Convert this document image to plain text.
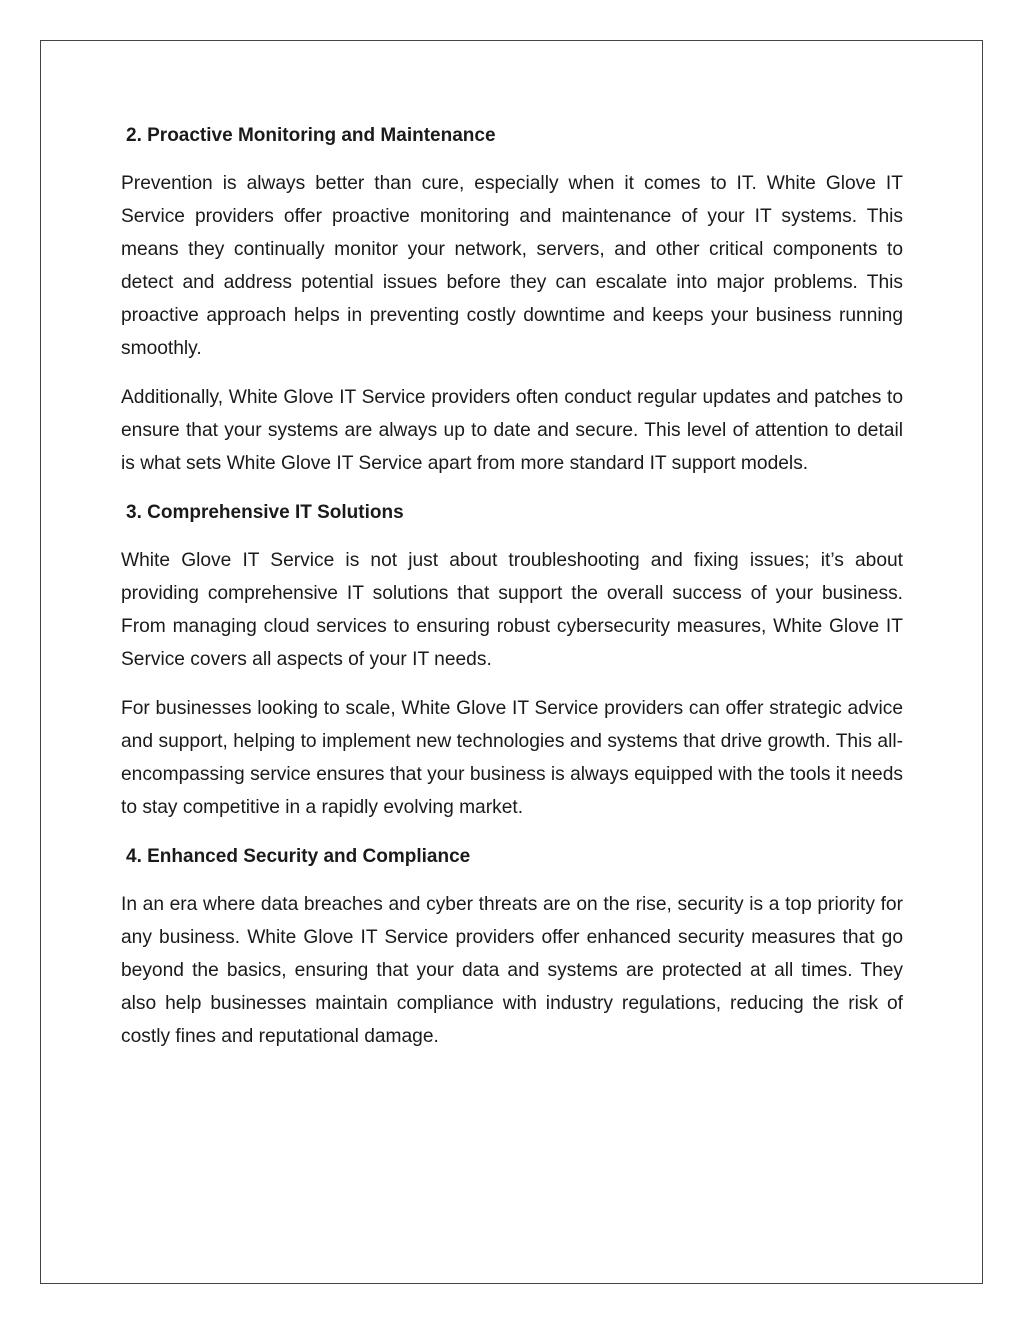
2. Proactive Monitoring and Maintenance

Prevention is always better than cure, especially when it comes to IT. White Glove IT Service providers offer proactive monitoring and maintenance of your IT systems. This means they continually monitor your network, servers, and other critical components to detect and address potential issues before they can escalate into major problems. This proactive approach helps in preventing costly downtime and keeps your business running smoothly.

Additionally, White Glove IT Service providers often conduct regular updates and patches to ensure that your systems are always up to date and secure. This level of attention to detail is what sets White Glove IT Service apart from more standard IT support models.

3. Comprehensive IT Solutions

White Glove IT Service is not just about troubleshooting and fixing issues; it’s about providing comprehensive IT solutions that support the overall success of your business. From managing cloud services to ensuring robust cybersecurity measures, White Glove IT Service covers all aspects of your IT needs.

For businesses looking to scale, White Glove IT Service providers can offer strategic advice and support, helping to implement new technologies and systems that drive growth. This all-encompassing service ensures that your business is always equipped with the tools it needs to stay competitive in a rapidly evolving market.

4. Enhanced Security and Compliance

In an era where data breaches and cyber threats are on the rise, security is a top priority for any business. White Glove IT Service providers offer enhanced security measures that go beyond the basics, ensuring that your data and systems are protected at all times. They also help businesses maintain compliance with industry regulations, reducing the risk of costly fines and reputational damage.
